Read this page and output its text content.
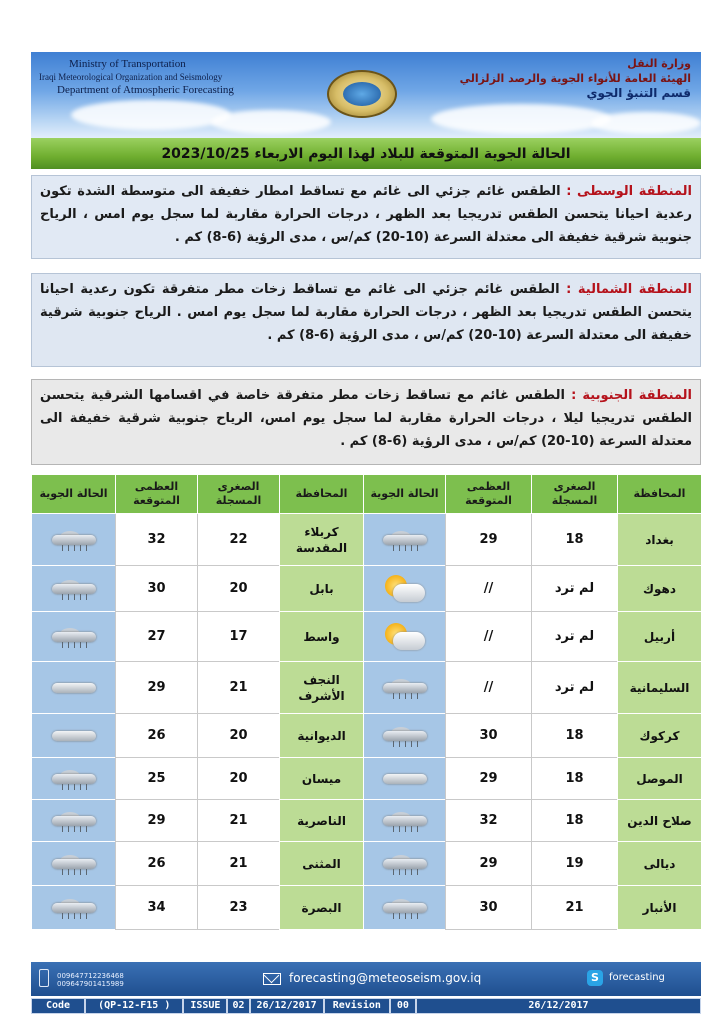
Ministry of Transportation
Iraqi Meteorological Organization and Seismology
Department of Atmospheric Forecasting
وزارة النقل
الهيئة العامة للأنواء الجوية والرصد الزلزالي
قسم التنبؤ الجوي
الحالة الجوية المتوقعة للبلاد لهذا اليوم الاربعاء 2023/10/25
المنطقة الوسطى : الطقس غائم جزئي الى غائم مع تساقط امطار خفيفة الى متوسطة الشدة تكون رعدية احيانا يتحسن الطقس تدريجيا بعد الظهر ، درجات الحرارة مقاربة لما سجل يوم امس ، الرياح جنوبية شرقية خفيفة الى معتدلة السرعة (10-20) كم/س ، مدى الرؤية (6-8) كم .
المنطقة الشمالية : الطقس غائم جزئي الى غائم مع تساقط زخات مطر متفرقة تكون رعدية احيانا يتحسن الطقس تدريجيا بعد الظهر ، درجات الحرارة مقاربة لما سجل يوم امس . الرياح جنوبية شرقية خفيفة الى معتدلة السرعة (10-20) كم/س ، مدى الرؤية (6-8) كم .
المنطقة الجنوبية : الطقس غائم مع تساقط زخات مطر متفرقة خاصة في اقسامها الشرقية يتحسن الطقس تدريجيا ليلا ، درجات الحرارة مقاربة لما سجل يوم امس، الرياح جنوبية شرقية خفيفة الى معتدلة السرعة (10-20) كم/س ، مدى الرؤية (6-8) كم .
المحافظة	الصغرى المسجلة	العظمى المتوقعة	الحالة الجوية	المحافظة	الصغرى المسجلة	العظمى المتوقعة	الحالة الجوية
بغداد	18	29		كربلاء المقدسة	22	32	

دهوك	لم ترد	//		بابل	20	30	

أربيل	لم ترد	//		واسط	17	27	

السليمانية	لم ترد	//		النجف الأشرف	21	29	

كركوك	18	30		الديوانية	20	26	

الموصل	18	29		ميسان	20	25	

صلاح الدين	18	32		الناصرية	21	29	

ديالى	19	29		المثنى	21	26	

الأنبار	21	30		البصرة	23	34	
009647712236468
009647901415989	forecasting@meteoseism.gov.iq	S	forecasting
Code	(QP-12-F15 )	ISSUE	02	26/12/2017	Revision	00	26/12/2017
